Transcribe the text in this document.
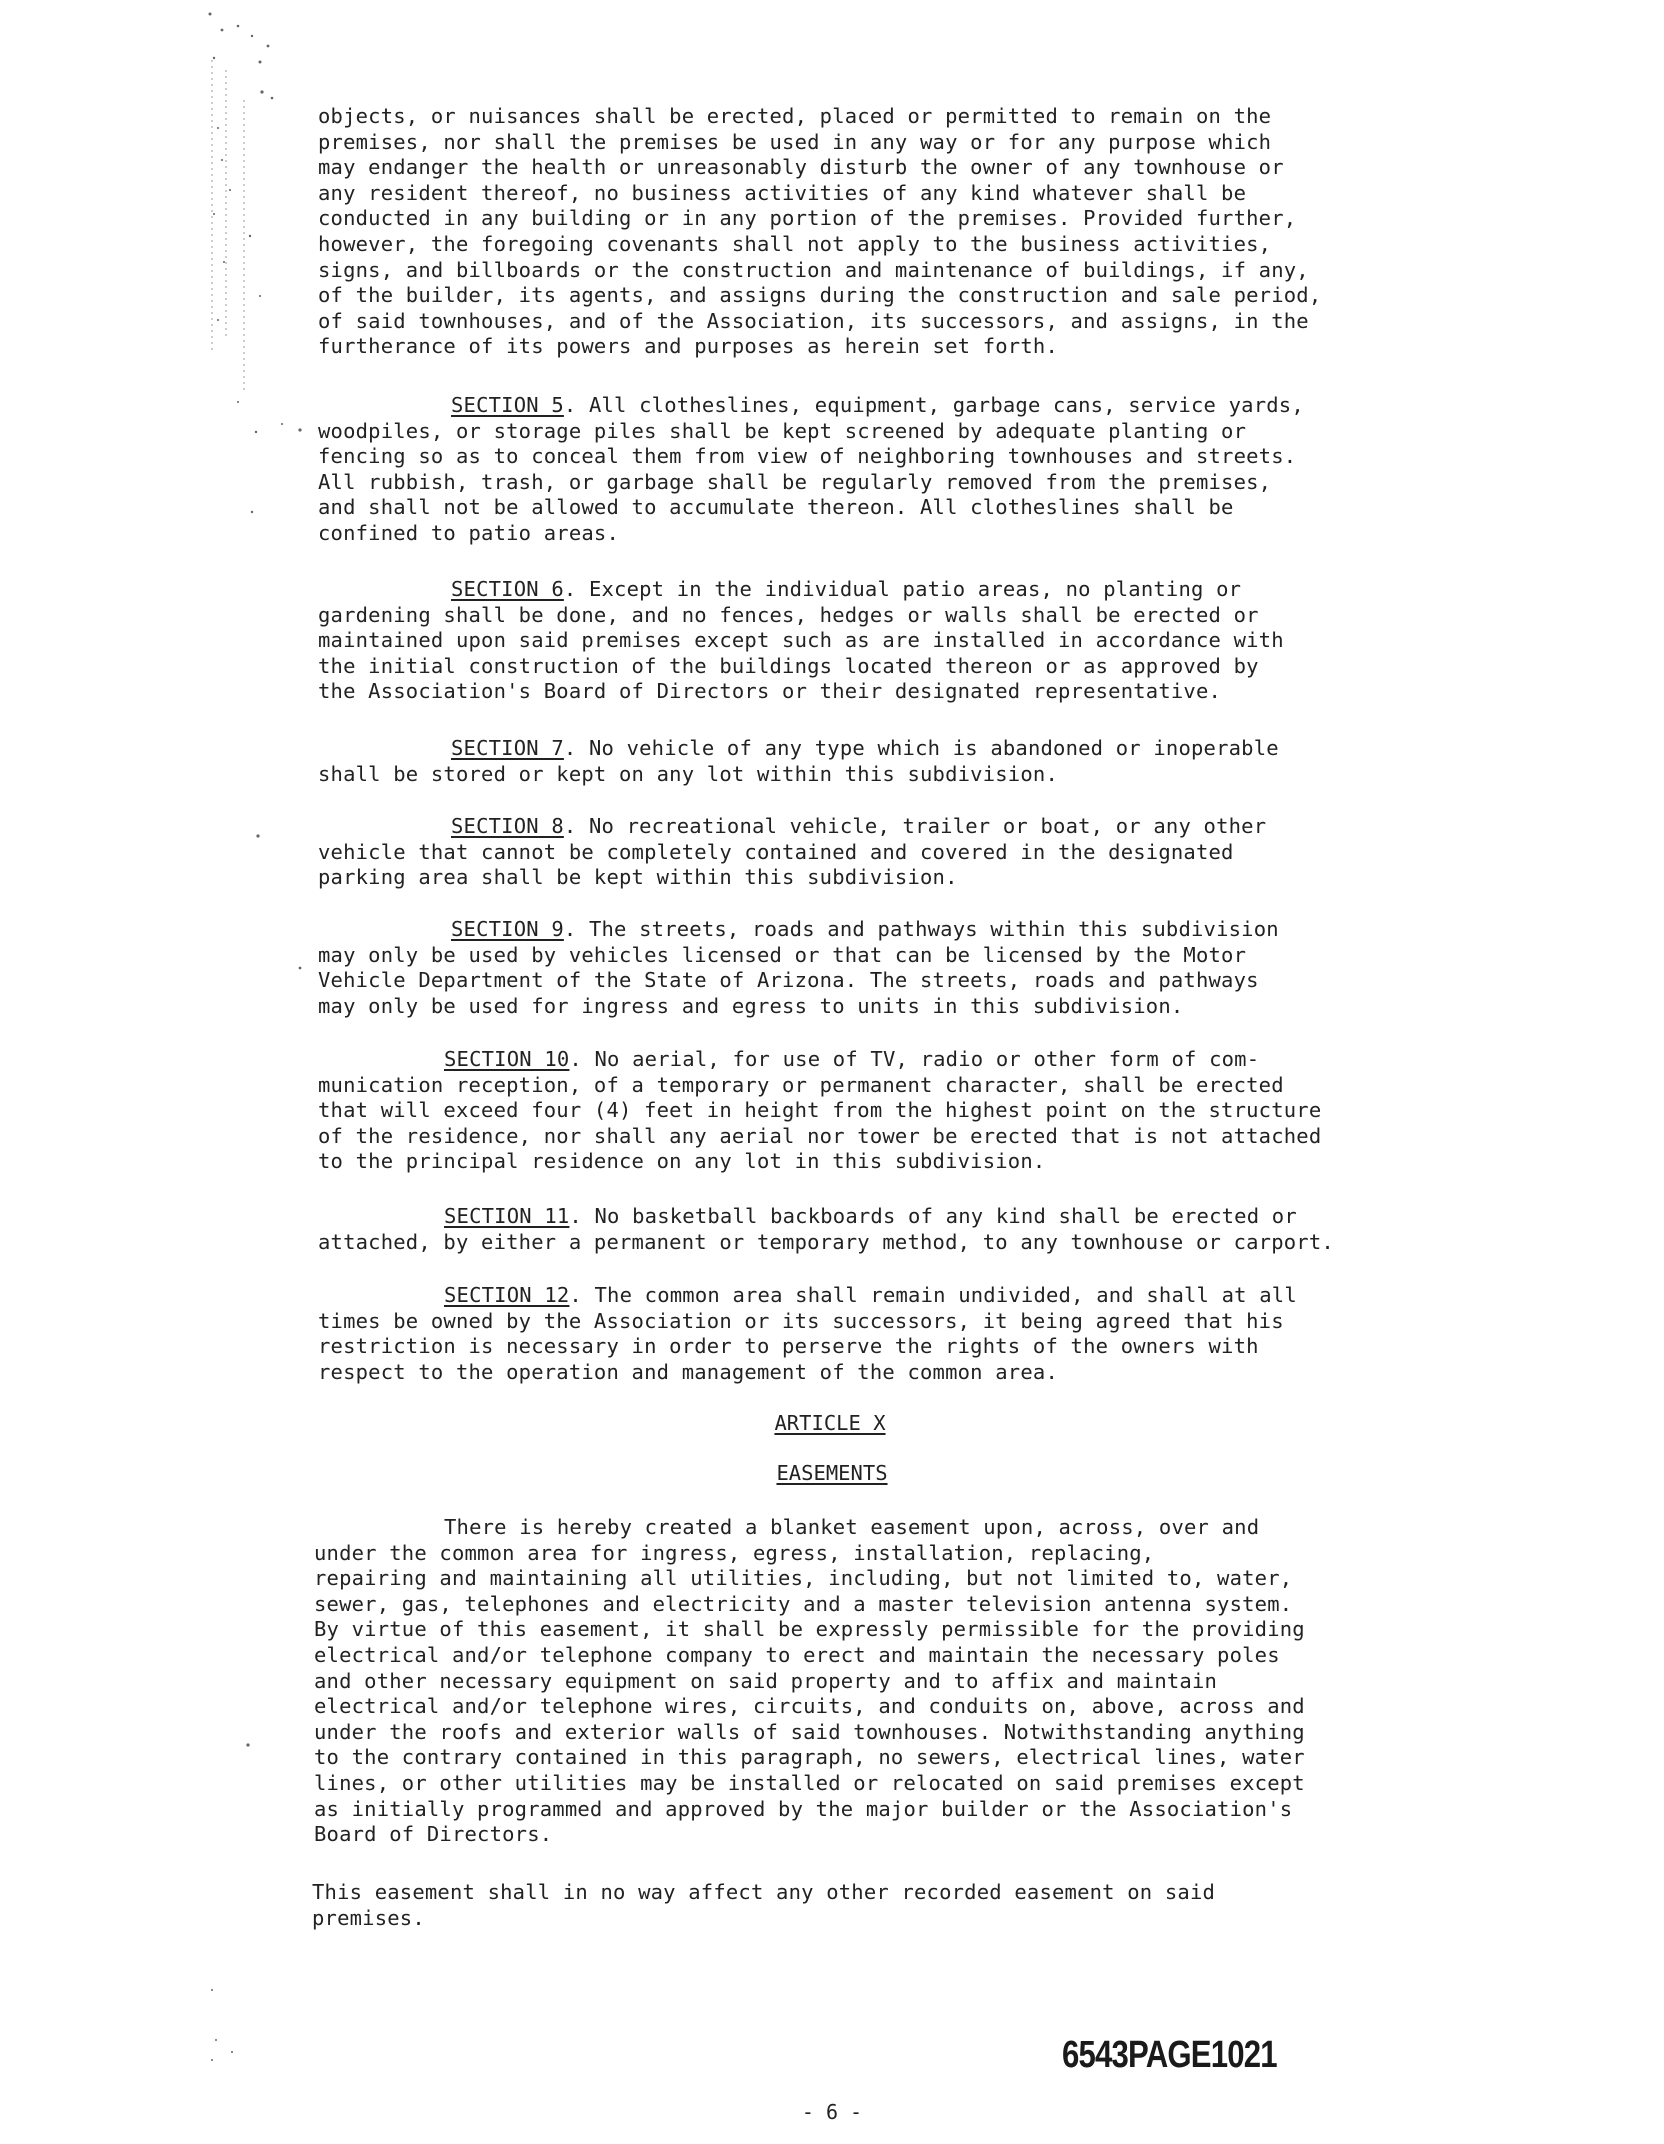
objects, or nuisances shall be erected, placed or permitted to remain on the
premises, nor shall the premises be used in any way or for any purpose which
may endanger the health or unreasonably disturb the owner of any townhouse or
any resident thereof, no business activities of any kind whatever shall be
conducted in any building or in any portion of the premises. Provided further,
however, the foregoing covenants shall not apply to the business activities,
signs, and billboards or the construction and maintenance of buildings, if any,
of the builder, its agents, and assigns during the construction and sale period,
of said townhouses, and of the Association, its successors, and assigns, in the
furtherance of its powers and purposes as herein set forth.
SECTION 5. All clotheslines, equipment, garbage cans, service yards,
woodpiles, or storage piles shall be kept screened by adequate planting or
fencing so as to conceal them from view of neighboring townhouses and streets.
All rubbish, trash, or garbage shall be regularly removed from the premises,
and shall not be allowed to accumulate thereon. All clotheslines shall be
confined to patio areas.
SECTION 6. Except in the individual patio areas, no planting or
gardening shall be done, and no fences, hedges or walls shall be erected or
maintained upon said premises except such as are installed in accordance with
the initial construction of the buildings located thereon or as approved by
the Association's Board of Directors or their designated representative.
SECTION 7. No vehicle of any type which is abandoned or inoperable
shall be stored or kept on any lot within this subdivision.
SECTION 8. No recreational vehicle, trailer or boat, or any other
vehicle that cannot be completely contained and covered in the designated
parking area shall be kept within this subdivision.
SECTION 9. The streets, roads and pathways within this subdivision
may only be used by vehicles licensed or that can be licensed by the Motor
Vehicle Department of the State of Arizona. The streets, roads and pathways
may only be used for ingress and egress to units in this subdivision.
SECTION 10. No aerial, for use of TV, radio or other form of com-
munication reception, of a temporary or permanent character, shall be erected
that will exceed four (4) feet in height from the highest point on the structure
of the residence, nor shall any aerial nor tower be erected that is not attached
to the principal residence on any lot in this subdivision.
SECTION 11. No basketball backboards of any kind shall be erected or
attached, by either a permanent or temporary method, to any townhouse or carport.
SECTION 12. The common area shall remain undivided, and shall at all
times be owned by the Association or its successors, it being agreed that his
restriction is necessary in order to perserve the rights of the owners with
respect to the operation and management of the common area.
ARTICLE X
EASEMENTS
There is hereby created a blanket easement upon, across, over and
under the common area for ingress, egress, installation, replacing,
repairing and maintaining all utilities, including, but not limited to, water,
sewer, gas, telephones and electricity and a master television antenna system.
By virtue of this easement, it shall be expressly permissible for the providing
electrical and/or telephone company to erect and maintain the necessary poles
and other necessary equipment on said property and to affix and maintain
electrical and/or telephone wires, circuits, and conduits on, above, across and
under the roofs and exterior walls of said townhouses. Notwithstanding anything
to the contrary contained in this paragraph, no sewers, electrical lines, water
lines, or other utilities may be installed or relocated on said premises except
as initially programmed and approved by the major builder or the Association's
Board of Directors.
This easement shall in no way affect any other recorded easement on said
premises.
6543PAGE1021
- 6 -
